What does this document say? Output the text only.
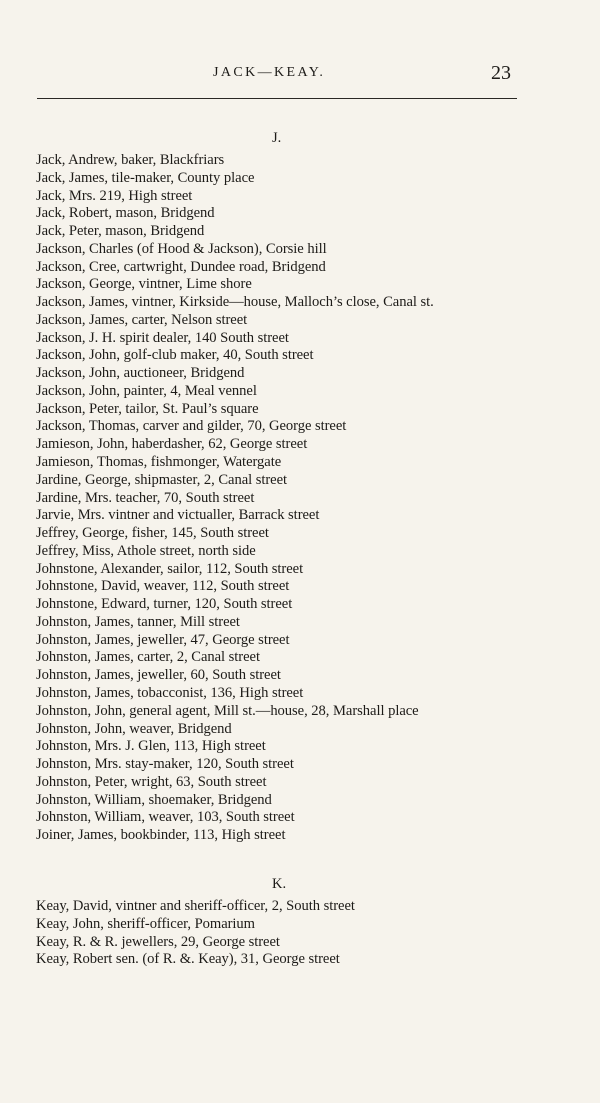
JACK—KEAY.	23
J.
Jack, Andrew, baker, Blackfriars
Jack, James, tile-maker, County place
Jack, Mrs. 219, High street
Jack, Robert, mason, Bridgend
Jack, Peter, mason, Bridgend
Jackson, Charles (of Hood & Jackson), Corsie hill
Jackson, Cree, cartwright, Dundee road, Bridgend
Jackson, George, vintner, Lime shore
Jackson, James, vintner, Kirkside—house, Malloch’s close, Canal st.
Jackson, James, carter, Nelson street
Jackson, J. H. spirit dealer, 140 South street
Jackson, John, golf-club maker, 40, South street
Jackson, John, auctioneer, Bridgend
Jackson, John, painter, 4, Meal vennel
Jackson, Peter, tailor, St. Paul’s square
Jackson, Thomas, carver and gilder, 70, George street
Jamieson, John, haberdasher, 62, George street
Jamieson, Thomas, fishmonger, Watergate
Jardine, George, shipmaster, 2, Canal street
Jardine, Mrs. teacher, 70, South street
Jarvie, Mrs. vintner and victualler, Barrack street
Jeffrey, George, fisher, 145, South street
Jeffrey, Miss, Athole street, north side
Johnstone, Alexander, sailor, 112, South street
Johnstone, David, weaver, 112, South street
Johnstone, Edward, turner, 120, South street
Johnston, James, tanner, Mill street
Johnston, James, jeweller, 47, George street
Johnston, James, carter, 2, Canal street
Johnston, James, jeweller, 60, South street
Johnston, James, tobacconist, 136, High street
Johnston, John, general agent, Mill st.—house, 28, Marshall place
Johnston, John, weaver, Bridgend
Johnston, Mrs. J. Glen, 113, High street
Johnston, Mrs. stay-maker, 120, South street
Johnston, Peter, wright, 63, South street
Johnston, William, shoemaker, Bridgend
Johnston, William, weaver, 103, South street
Joiner, James, bookbinder, 113, High street
K.
Keay, David, vintner and sheriff-officer, 2, South street
Keay, John, sheriff-officer, Pomarium
Keay, R. & R. jewellers, 29, George street
Keay, Robert sen. (of R. &. Keay), 31, George street
